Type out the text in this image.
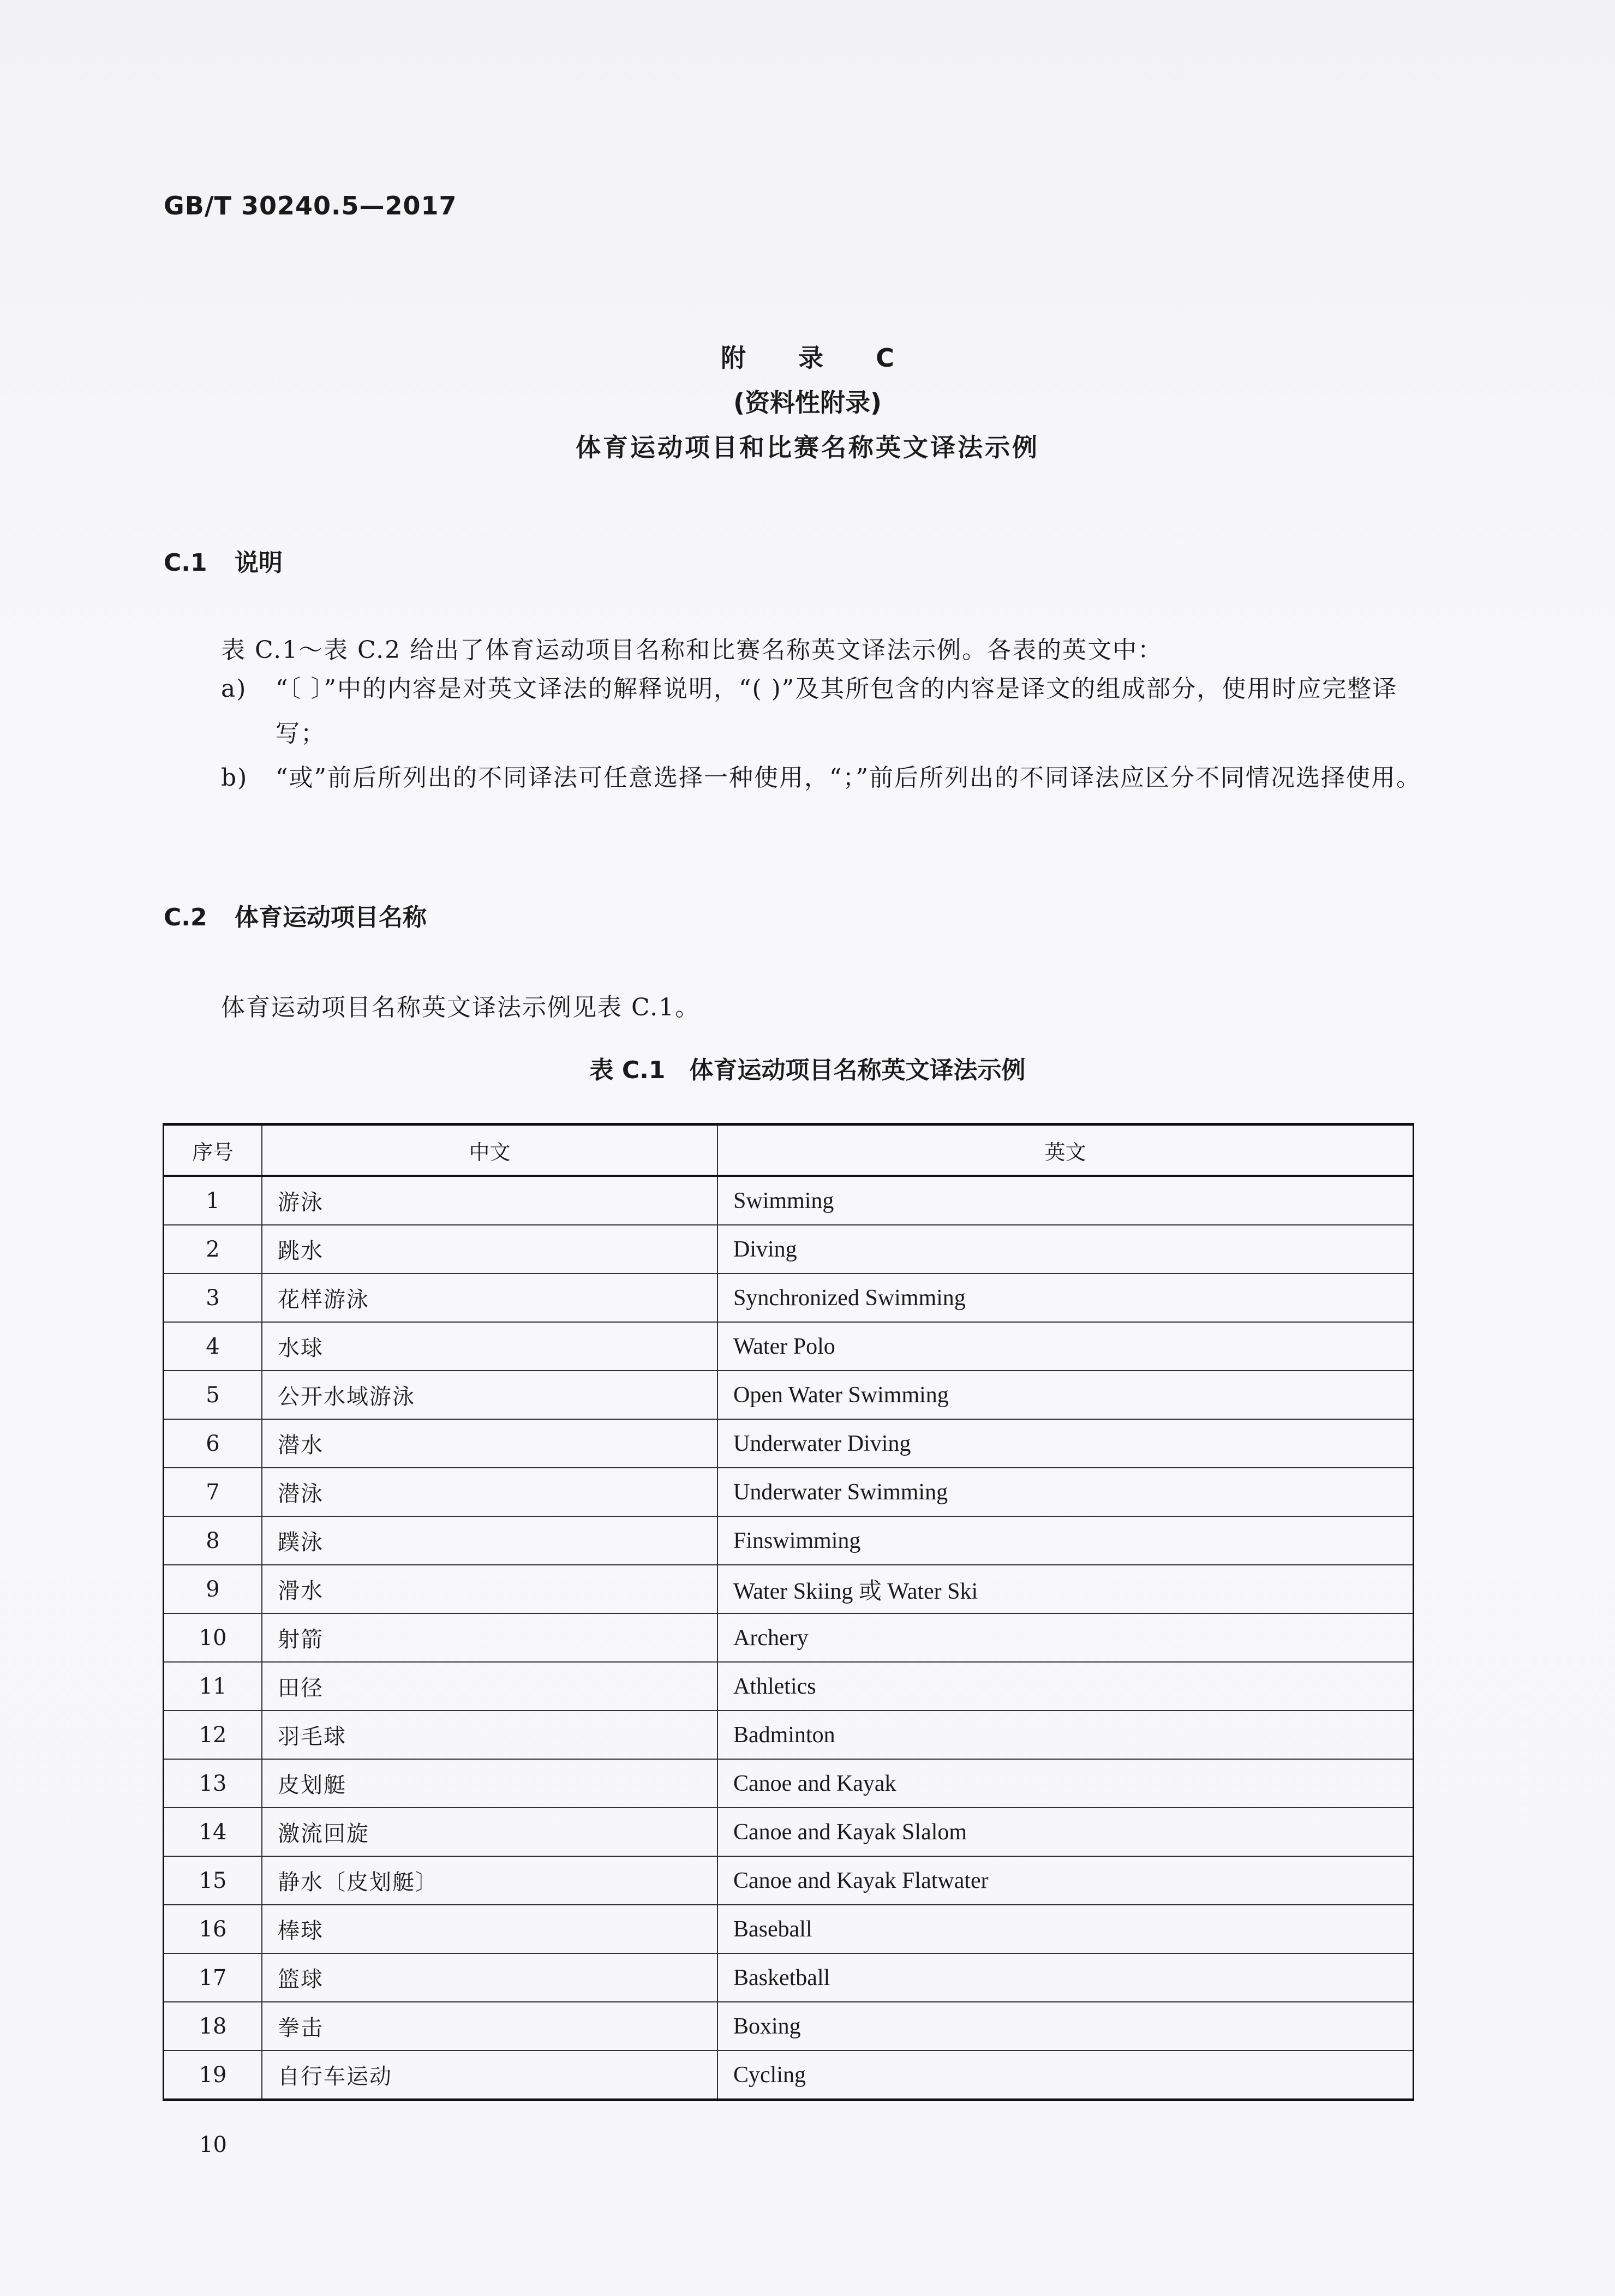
GB/T 30240.5—2017
附 录 C
(资料性附录)
体育运动项目和比赛名称英文译法示例
C.1 说明
表 C.1～表 C.2 给出了体育运动项目名称和比赛名称英文译法示例。各表的英文中：
a) “〔 〕”中的内容是对英文译法的解释说明，“( )”及其所包含的内容是译文的组成部分，使用时应完整译写；
b) “或”前后所列出的不同译法可任意选择一种使用，“；”前后所列出的不同译法应区分不同情况选择使用。
C.2 体育运动项目名称
体育运动项目名称英文译法示例见表 C.1。
表 C.1　体育运动项目名称英文译法示例
序号	中文	英文
1	游泳	Swimming
2	跳水	Diving
3	花样游泳	Synchronized Swimming
4	水球	Water Polo
5	公开水域游泳	Open Water Swimming
6	潜水	Underwater Diving
7	潜泳	Underwater Swimming
8	蹼泳	Finswimming
9	滑水	Water Skiing 或 Water Ski
10	射箭	Archery
11	田径	Athletics
12	羽毛球	Badminton
13	皮划艇	Canoe and Kayak
14	激流回旋	Canoe and Kayak Slalom
15	静水〔皮划艇〕	Canoe and Kayak Flatwater
16	棒球	Baseball
17	篮球	Basketball
18	拳击	Boxing
19	自行车运动	Cycling
10
